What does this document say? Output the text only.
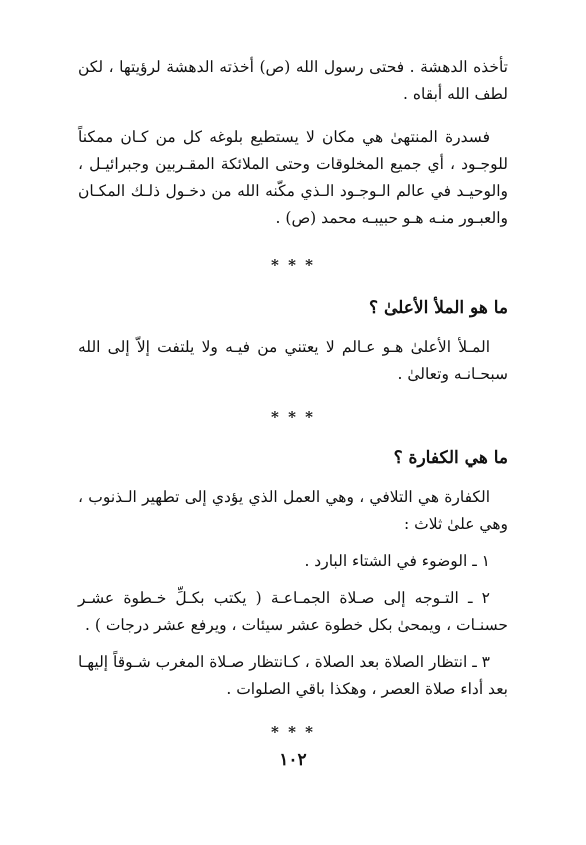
تأخذه الدهشة . فحتى رسول الله (ص) أخذته الدهشة لرؤيتها ، لكن لطف الله أبقاه .

فسدرة المنتهىٰ هي مكان لا يستطيع بلوغه كل من كـان ممكناً للوجـود ، أي جميع المخلوقات وحتى الملائكة المقـربين وجبرائيـل ، والوحيـد في عالم الـوجـود الـذي مكّنه الله من دخـول ذلـك المكـان والعبـور منـه هـو حبيبـه محمد (ص) .

* * *

ما هو الملأ الأعلىٰ ؟

المـلأ الأعلىٰ هـو عـالم لا يعتني من فيـه ولا يلتفت إلاّ إلى الله سبحـانـه وتعالىٰ .

* * *

ما هي الكفارة ؟

الكفارة هي التلافي ، وهي العمل الذي يؤدي إلى تطهير الـذنوب ، وهي علىٰ ثلاث :

١ ـ الوضوء في الشتاء البارد .

٢ ـ التـوجه إلى صـلاة الجمـاعـة ( يكتب بكـلِّ خـطوة عشـر حسنـات ، ويمحىٰ بكل خطوة عشر سيئات ، ويرفع عشر درجات ) .

٣ ـ انتظار الصلاة بعد الصلاة ، كـانتظار صـلاة المغرب شـوقاً إليهـا بعد أداء صلاة العصر ، وهكذا باقي الصلوات .

* * *

١٠٢
